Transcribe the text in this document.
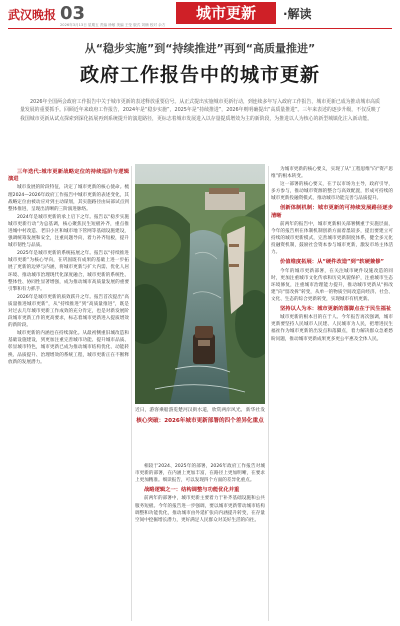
武汉晚报 03	城市更新	·解读
2026年3月13日 星期五 责编 徐敏 美编 王莹 版式 刘楠 校对 余方
从“稳步实施”到“持续推进”再到“高质量推进”
政府工作报告中的城市更新
2026年全国两会政府工作报告中关于城市更新的表述释放重要信号。从正式提出实施城市更新行动，到连续多年写入政府工作报告，城市更新已成为推动城市高质量发展的重要抓手。回顾近年来政府工作报告，2024年是“稳步实施”，2025年是“持续推进”，2026年则明确提出“高质量推进”。三年来表述的逐步升级，不仅反映了我国城市更新从试点探索到深化拓展再到系统提升的演进路径，更标志着城市发展进入以存量提质增效为主的新阶段，为推进以人为核心的新型城镇化注入新动能。

三年迭代:城市更新战略定位的持续巡阶与逻辑演进

城市发展的阶段特征，决定了城市更新的核心使命。梳理2024—2026年政府工作报告中城市更新的表述变化，其战略定位由被动应对到主动谋划，其实施路径由局部试点到整体推进，呈现出清晰的三阶演进脉络。

2024年是城市更新的承上启下之年。报告以“稳步实施城市更新行动”为总基调，核心聚焦民生短板补齐，重点推进城中村改造、老旧小区和城市地下管网等基础设施建设，强调统筹发展和安全，注重问题导向，着力补齐短板，提升城市韧性与品质。

2025年是城市更新的系统拓展之年。报告以“持续推进城市更新”为核心导向，在巩固既有成果的基础上进一步拓展了更新的边界与内涵，将城市更新与扩大内需、优化人居环境、推动城市治理现代化深度融合，城市更新的系统性、整体性、协同性显著增强，成为推动城市高质量发展的重要引擎和有力抓手。

2026年是城市更新的质效跃升之年。报告首次提出“高质量推进城市更新”，从“持续推进”到“高质量推进”，既是对过去几年城市更新工作成效的充分肯定，也是对新发展阶段城市更新工作的更高要求，标志着城市更新进入提质增效的新阶段。

城市更新的内涵也在持续深化。从最初侧重旧城改造和基础设施建设，到更加注重完善城市功能、提升城市品质、彰显城市特色，城市更新已成为推动城市结构优化、动能转换、品质提升、治理增效的系统工程，城市更新正在不断释放新的发展潜力。

近日，游客乘船游览楚河汉街水道，欣赏两岸风光。 新华社发
核心突破：2026年城市更新部署的四个差异化重点

相较于2024、2025年的部署，2026年政府工作报告对城市更新的部署，在内涵上更加丰富，在路径上更加明晰，在要求上更加精准。细读报告，可以发现四个方面的差异化重点。

战略逻辑之一：结构调整与功能优化并重

前两年的部署中，城市更新主要着力于补齐基础设施和公共服务短板。今年的报告进一步强调，要以城市更新带动城市结构调整和功能优化，推动城市由外延扩张向内涵提升转变，在存量空间中挖掘增长潜力，更好满足人民群众对美好生活的向往。

为城市更新的核心要义，实现了从“工程思维”向“资产思维”的根本转变。

这一部署的核心要义，在于以市场为主导，政府引导，多方参与，推动城市资源的整合与高效配置，形成可持续的城市更新投融资模式，推动城市功能完善与品质提升。

创新体制机制：城市更新的可持续发展路径逐步清晰

前两年的报告中，城市更新相关部署侧重于实施层面，今年的报告则在体制机制创新方面着墨较多，提出要建立可持续的城市更新模式，完善城市更新制度体系，健全多元化投融资机制，鼓励社会资本参与城市更新，激发市场主体活力。

价值维度拓展：从“硬件改造”到“软硬兼修”

今年的城市更新部署，在关注城市硬件设施改造的同时，更加注重城市文化传承和历史风貌保护，注重城市生态环境修复，注重城市治理能力提升，推动城市更新从“拆改建”向“留改拆”转变，从单一的物质空间改造向经济、社会、文化、生态的综合更新转变，实现城市有机更新。

坚持以人为本：城市更新的落脚点在于民生福祉

城市更新的根本目的在于人。今年报告再次强调，城市更新要坚持人民城市人民建、人民城市为人民，把增进民生福祉作为城市更新的出发点和落脚点，着力解决群众急难愁盼问题，推动城市更新成果更多更公平惠及全体人民。
